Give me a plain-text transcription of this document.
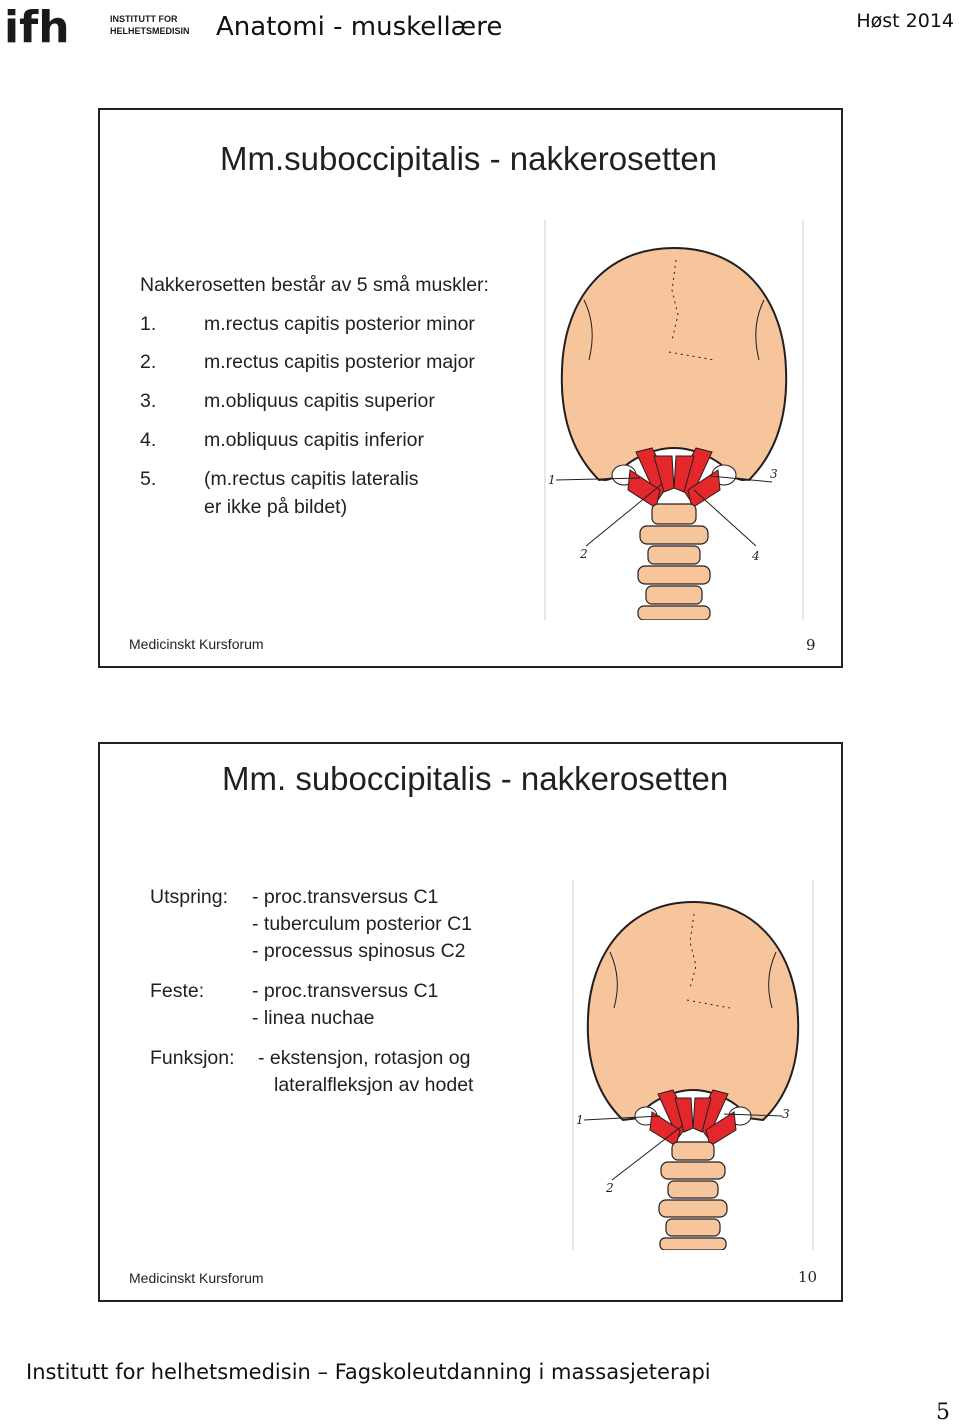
ifh	INSTITUTT FOR
HELHETSMEDISIN Anatomi - muskellære	Høst 2014
Mm.suboccipitalis - nakkerosetten
Nakkerosetten består av 5 små muskler:
1. m.rectus capitis posterior minor
2. m.rectus capitis posterior major
3. m.obliquus capitis superior
4. m.obliquus capitis inferior
5. (m.rectus capitis lateralis
er ikke på bildet)
1
2
3
4
Medicinskt Kursforum	9
Mm. suboccipitalis - nakkerosetten
Utspring: - proc.transversus C1
- tuberculum posterior C1
- processus spinosus C2
Feste: - proc.transversus C1
- linea nuchae
Funksjon: - ekstensjon, rotasjon og
lateralfleksjon av hodet
1
2
3
Medicinskt Kursforum	10
Institutt for helhetsmedisin – Fagskoleutdanning i massasjeterapi
5
